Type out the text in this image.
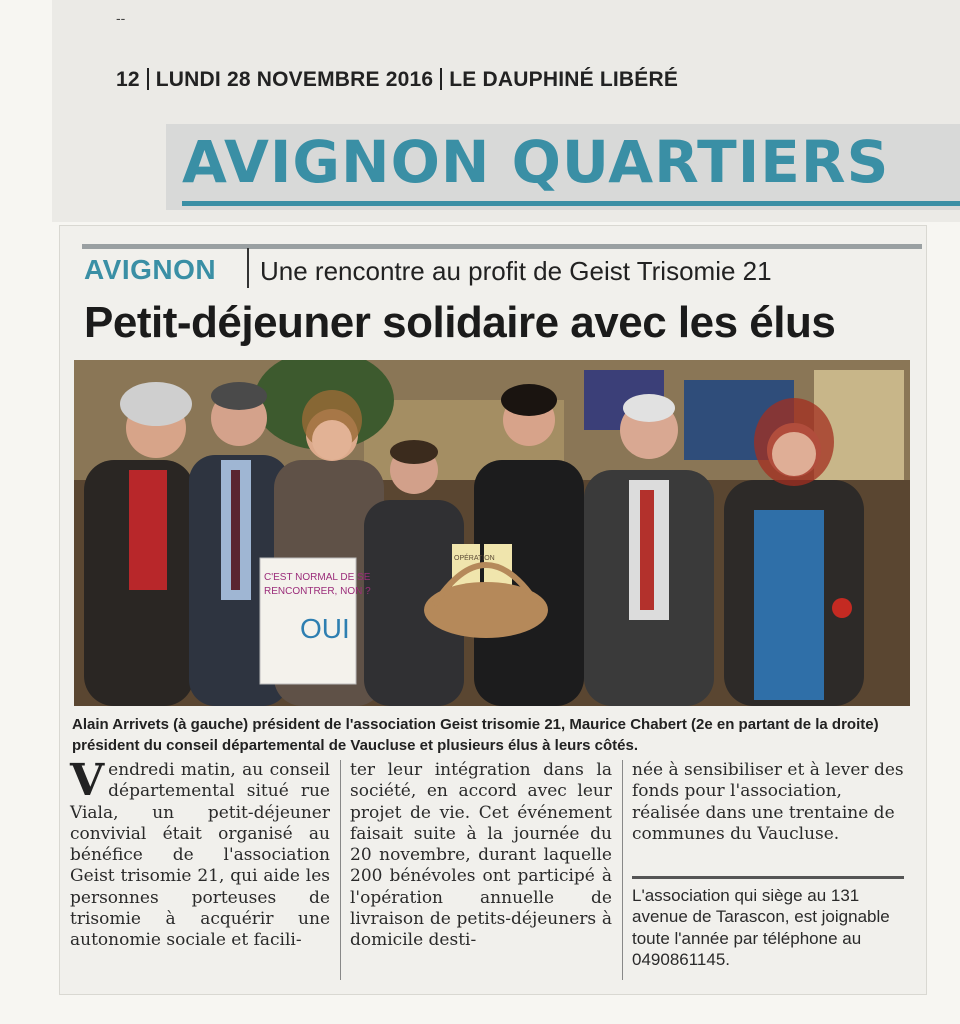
--
12 LUNDI 28 NOVEMBRE 2016 LE DAUPHINÉ LIBÉRÉ
AVIGNON QUARTIERS
AVIGNON Une rencontre au profit de Geist Trisomie 21
Petit-déjeuner solidaire avec les élus
C'EST NORMAL DE SE
RENCONTRER, NON ?
OUI
OPÉRATION
Alain Arrivets (à gauche) président de l'association Geist trisomie 21, Maurice Chabert (2e en partant de la droite) président du conseil départemental de Vaucluse et plusieurs élus à leurs côtés.
Vendredi matin, au conseil départemental situé rue Viala, un petit-déjeuner convivial était organisé au bénéfice de l'association Geist trisomie 21, qui aide les personnes porteuses de trisomie à acquérir une autonomie sociale et facili-
ter leur intégration dans la société, en accord avec leur projet de vie. Cet événement faisait suite à la journée du 20 novembre, durant laquelle 200 bénévoles ont participé à l'opération annuelle de livraison de petits-déjeuners à domicile desti-
née à sensibiliser et à lever des fonds pour l'association, réalisée dans une trentaine de communes du Vaucluse.
L'association qui siège au 131 avenue de Tarascon, est joignable toute l'année par téléphone au 0490861145.
